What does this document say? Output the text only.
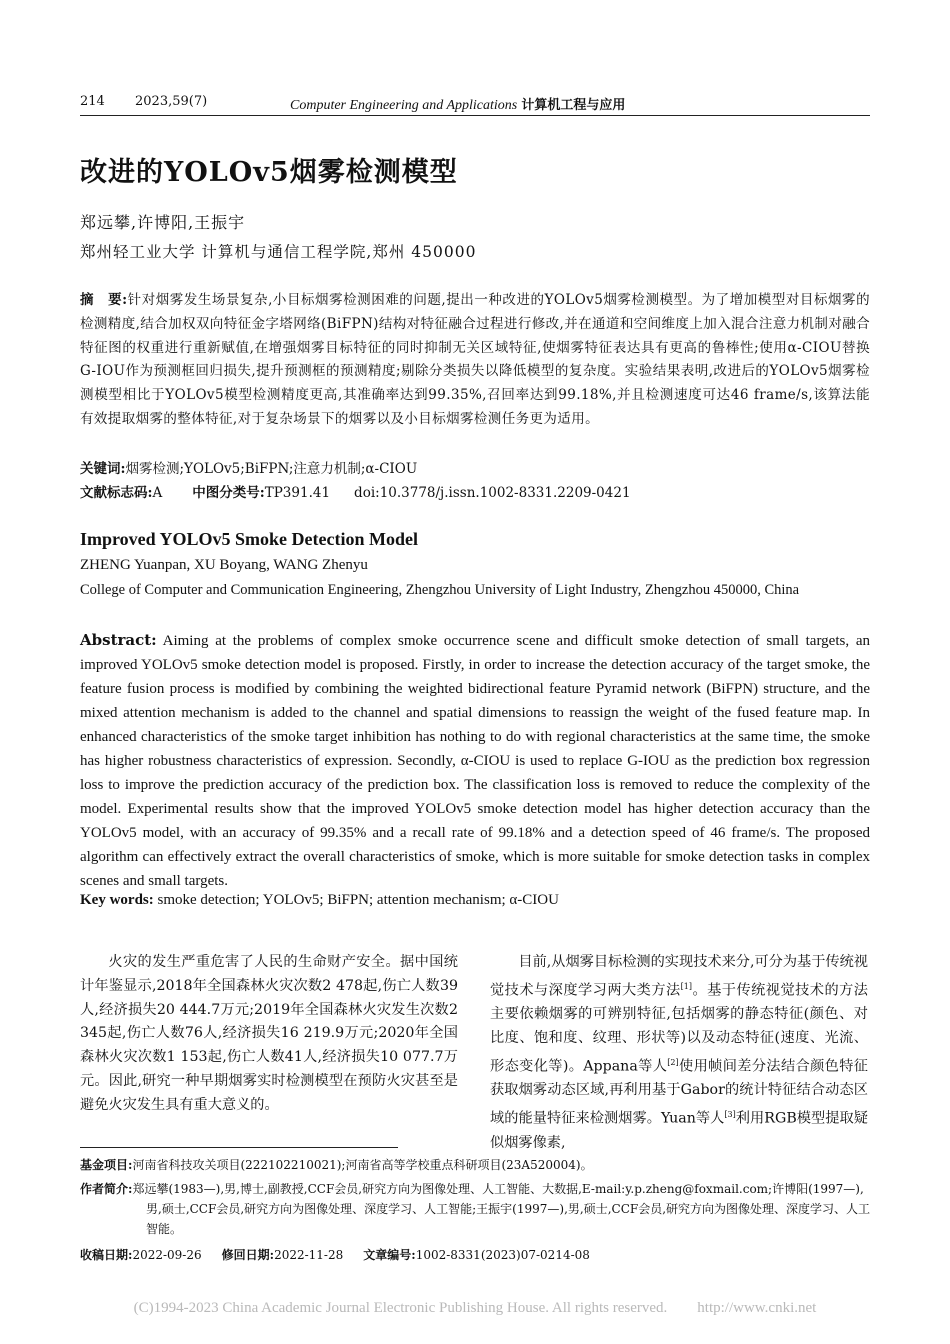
214 2023,59(7)	Computer Engineering and Applications 计算机工程与应用
改进的YOLOv5烟雾检测模型
郑远攀,许博阳,王振宇
郑州轻工业大学 计算机与通信工程学院,郑州 450000

摘　要:针对烟雾发生场景复杂,小目标烟雾检测困难的问题,提出一种改进的YOLOv5烟雾检测模型。为了增加模型对目标烟雾的检测精度,结合加权双向特征金字塔网络(BiFPN)结构对特征融合过程进行修改,并在通道和空间维度上加入混合注意力机制对融合特征图的权重进行重新赋值,在增强烟雾目标特征的同时抑制无关区域特征,使烟雾特征表达具有更高的鲁棒性;使用α-CIOU替换G-IOU作为预测框回归损失,提升预测框的预测精度;剔除分类损失以降低模型的复杂度。实验结果表明,改进后的YOLOv5烟雾检测模型相比于YOLOv5模型检测精度更高,其准确率达到99.35%,召回率达到99.18%,并且检测速度可达46 frame/s,该算法能有效提取烟雾的整体特征,对于复杂场景下的烟雾以及小目标烟雾检测任务更为适用。

关键词:烟雾检测;YOLOv5;BiFPN;注意力机制;α-CIOU
文献标志码:A 中图分类号:TP391.41 doi:10.3778/j.issn.1002-8331.2209-0421
Improved YOLOv5 Smoke Detection Model
ZHENG Yuanpan, XU Boyang, WANG Zhenyu
College of Computer and Communication Engineering, Zhengzhou University of Light Industry, Zhengzhou 450000, China

Abstract: Aiming at the problems of complex smoke occurrence scene and difficult smoke detection of small targets, an improved YOLOv5 smoke detection model is proposed. Firstly, in order to increase the detection accuracy of the target smoke, the feature fusion process is modified by combining the weighted bidirectional feature Pyramid network (BiFPN) structure, and the mixed attention mechanism is added to the channel and spatial dimensions to reassign the weight of the fused feature map. In enhanced characteristics of the smoke target inhibition has nothing to do with regional characteristics at the same time, the smoke has higher robustness characteristics of expression. Secondly, α-CIOU is used to replace G-IOU as the prediction box regression loss to improve the prediction accuracy of the prediction box. The classification loss is removed to reduce the complexity of the model. Experimental results show that the improved YOLOv5 smoke detection model has higher detection accuracy than the YOLOv5 model, with an accuracy of 99.35% and a recall rate of 99.18% and a detection speed of 46 frame/s. The proposed algorithm can effectively extract the overall characteristics of smoke, which is more suitable for smoke detection tasks in complex scenes and small targets.

Key words: smoke detection; YOLOv5; BiFPN; attention mechanism; α-CIOU

火灾的发生严重危害了人民的生命财产安全。据中国统计年鉴显示,2018年全国森林火灾次数2 478起,伤亡人数39人,经济损失20 444.7万元;2019年全国森林火灾发生次数2 345起,伤亡人数76人,经济损失16 219.9万元;2020年全国森林火灾次数1 153起,伤亡人数41人,经济损失10 077.7万元。因此,研究一种早期烟雾实时检测模型在预防火灾甚至是避免火灾发生具有重大意义的。

目前,从烟雾目标检测的实现技术来分,可分为基于传统视觉技术与深度学习两大类方法[1]。基于传统视觉技术的方法主要依赖烟雾的可辨别特征,包括烟雾的静态特征(颜色、对比度、饱和度、纹理、形状等)以及动态特征(速度、光流、形态变化等)。Appana等人[2]使用帧间差分法结合颜色特征获取烟雾动态区域,再利用基于Gabor的统计特征结合动态区域的能量特征来检测烟雾。Yuan等人[3]利用RGB模型提取疑似烟雾像素,

基金项目:河南省科技攻关项目(222102210021);河南省高等学校重点科研项目(23A520004)。
作者简介:郑远攀(1983—),男,博士,副教授,CCF会员,研究方向为图像处理、人工智能、大数据,E-mail:y.p.zheng@foxmail.com;许博阳(1997—),男,硕士,CCF会员,研究方向为图像处理、深度学习、人工智能;王振宇(1997—),男,硕士,CCF会员,研究方向为图像处理、深度学习、人工智能。
收稿日期:2022-09-26 修回日期:2022-11-28 文章编号:1002-8331(2023)07-0214-08
(C)1994-2023 China Academic Journal Electronic Publishing House. All rights reserved.　　http://www.cnki.net
